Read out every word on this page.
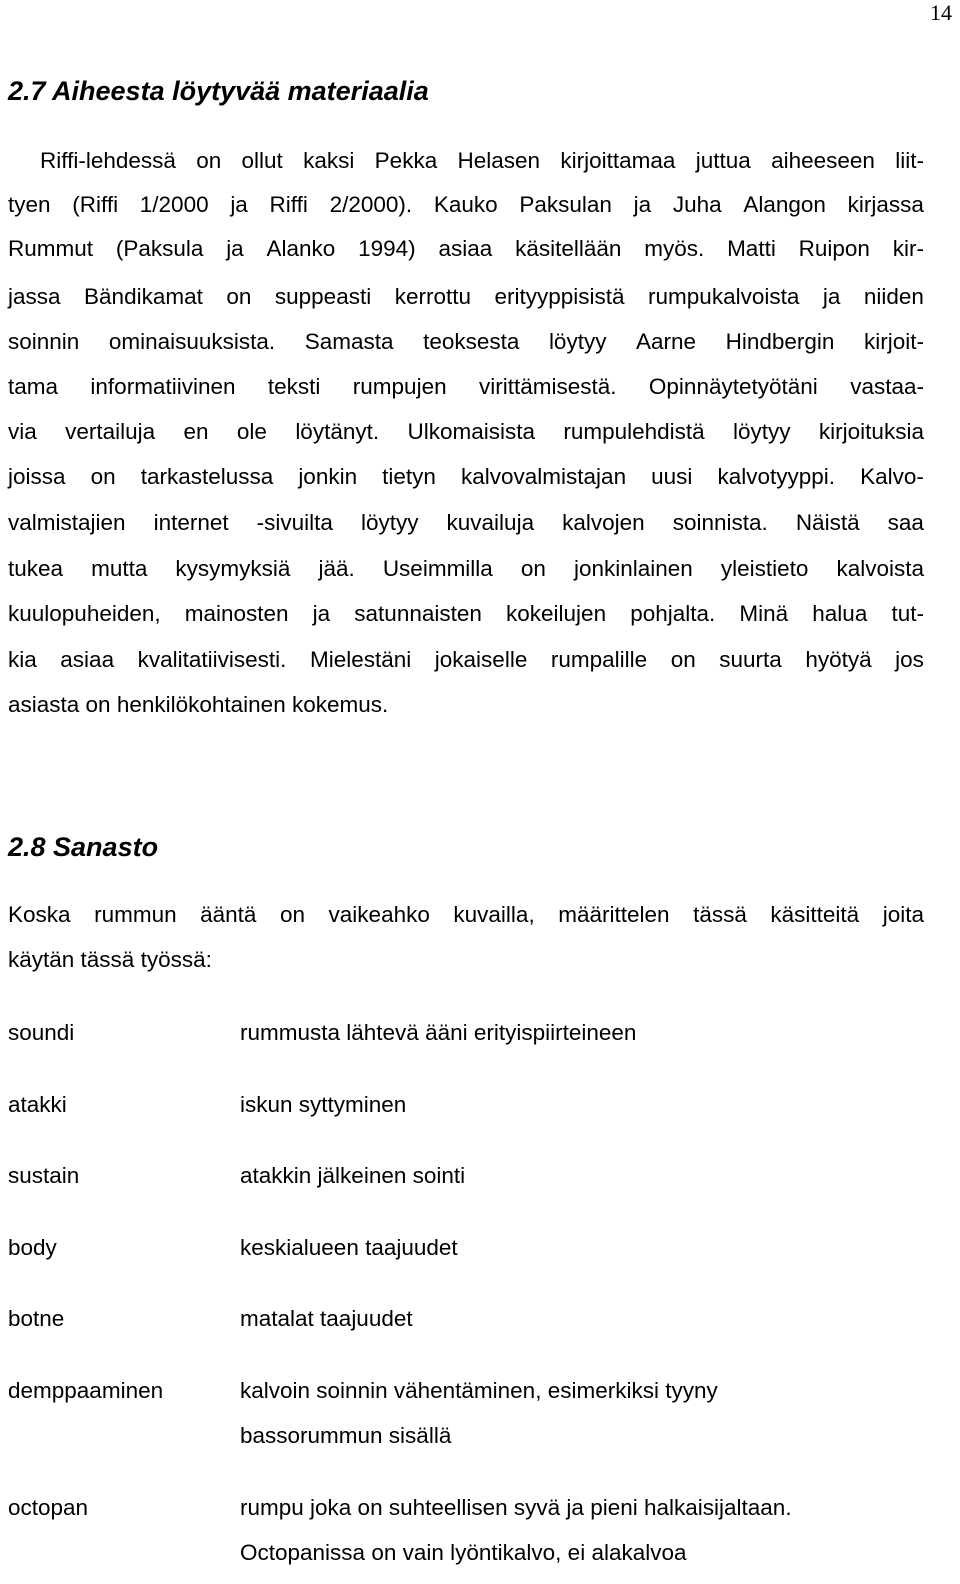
14
2.7 Aiheesta löytyvää materiaalia
Riffi-lehdessä on ollut kaksi Pekka Helasen kirjoittamaa juttua aiheeseen liit-
tyen (Riffi 1/2000 ja Riffi 2/2000). Kauko Paksulan ja Juha Alangon kirjassa
Rummut (Paksula ja Alanko 1994) asiaa käsitellään myös. Matti Ruipon kir-
jassa Bändikamat on suppeasti kerrottu erityyppisistä rumpukalvoista ja niiden
soinnin ominaisuuksista. Samasta teoksesta löytyy Aarne Hindbergin kirjoit-
tama informatiivinen teksti rumpujen virittämisestä. Opinnäytetyötäni vastaa-
via vertailuja en ole löytänyt. Ulkomaisista rumpulehdistä löytyy kirjoituksia
joissa on tarkastelussa jonkin tietyn kalvovalmistajan uusi kalvotyyppi. Kalvo-
valmistajien internet -sivuilta löytyy kuvailuja kalvojen soinnista. Näistä saa
tukea mutta kysymyksiä jää. Useimmilla on jonkinlainen yleistieto kalvoista
kuulopuheiden, mainosten ja satunnaisten kokeilujen pohjalta. Minä halua tut-
kia asiaa kvalitatiivisesti. Mielestäni jokaiselle rumpalille on suurta hyötyä jos
asiasta on henkilökohtainen kokemus.
2.8 Sanasto
Koska rummun ääntä on vaikeahko kuvailla, määrittelen tässä käsitteitä joita
käytän tässä työssä:
soundi	rummusta lähtevä ääni erityispiirteineen
atakki	iskun syttyminen
sustain	atakkin jälkeinen sointi
body	keskialueen taajuudet
botne	matalat taajuudet
demppaaminen	kalvoin soinnin vähentäminen, esimerkiksi tyyny
bassorummun sisällä
octopan	rumpu joka on suhteellisen syvä ja pieni halkaisijaltaan.
Octopanissa on vain lyöntikalvo, ei alakalvoa
